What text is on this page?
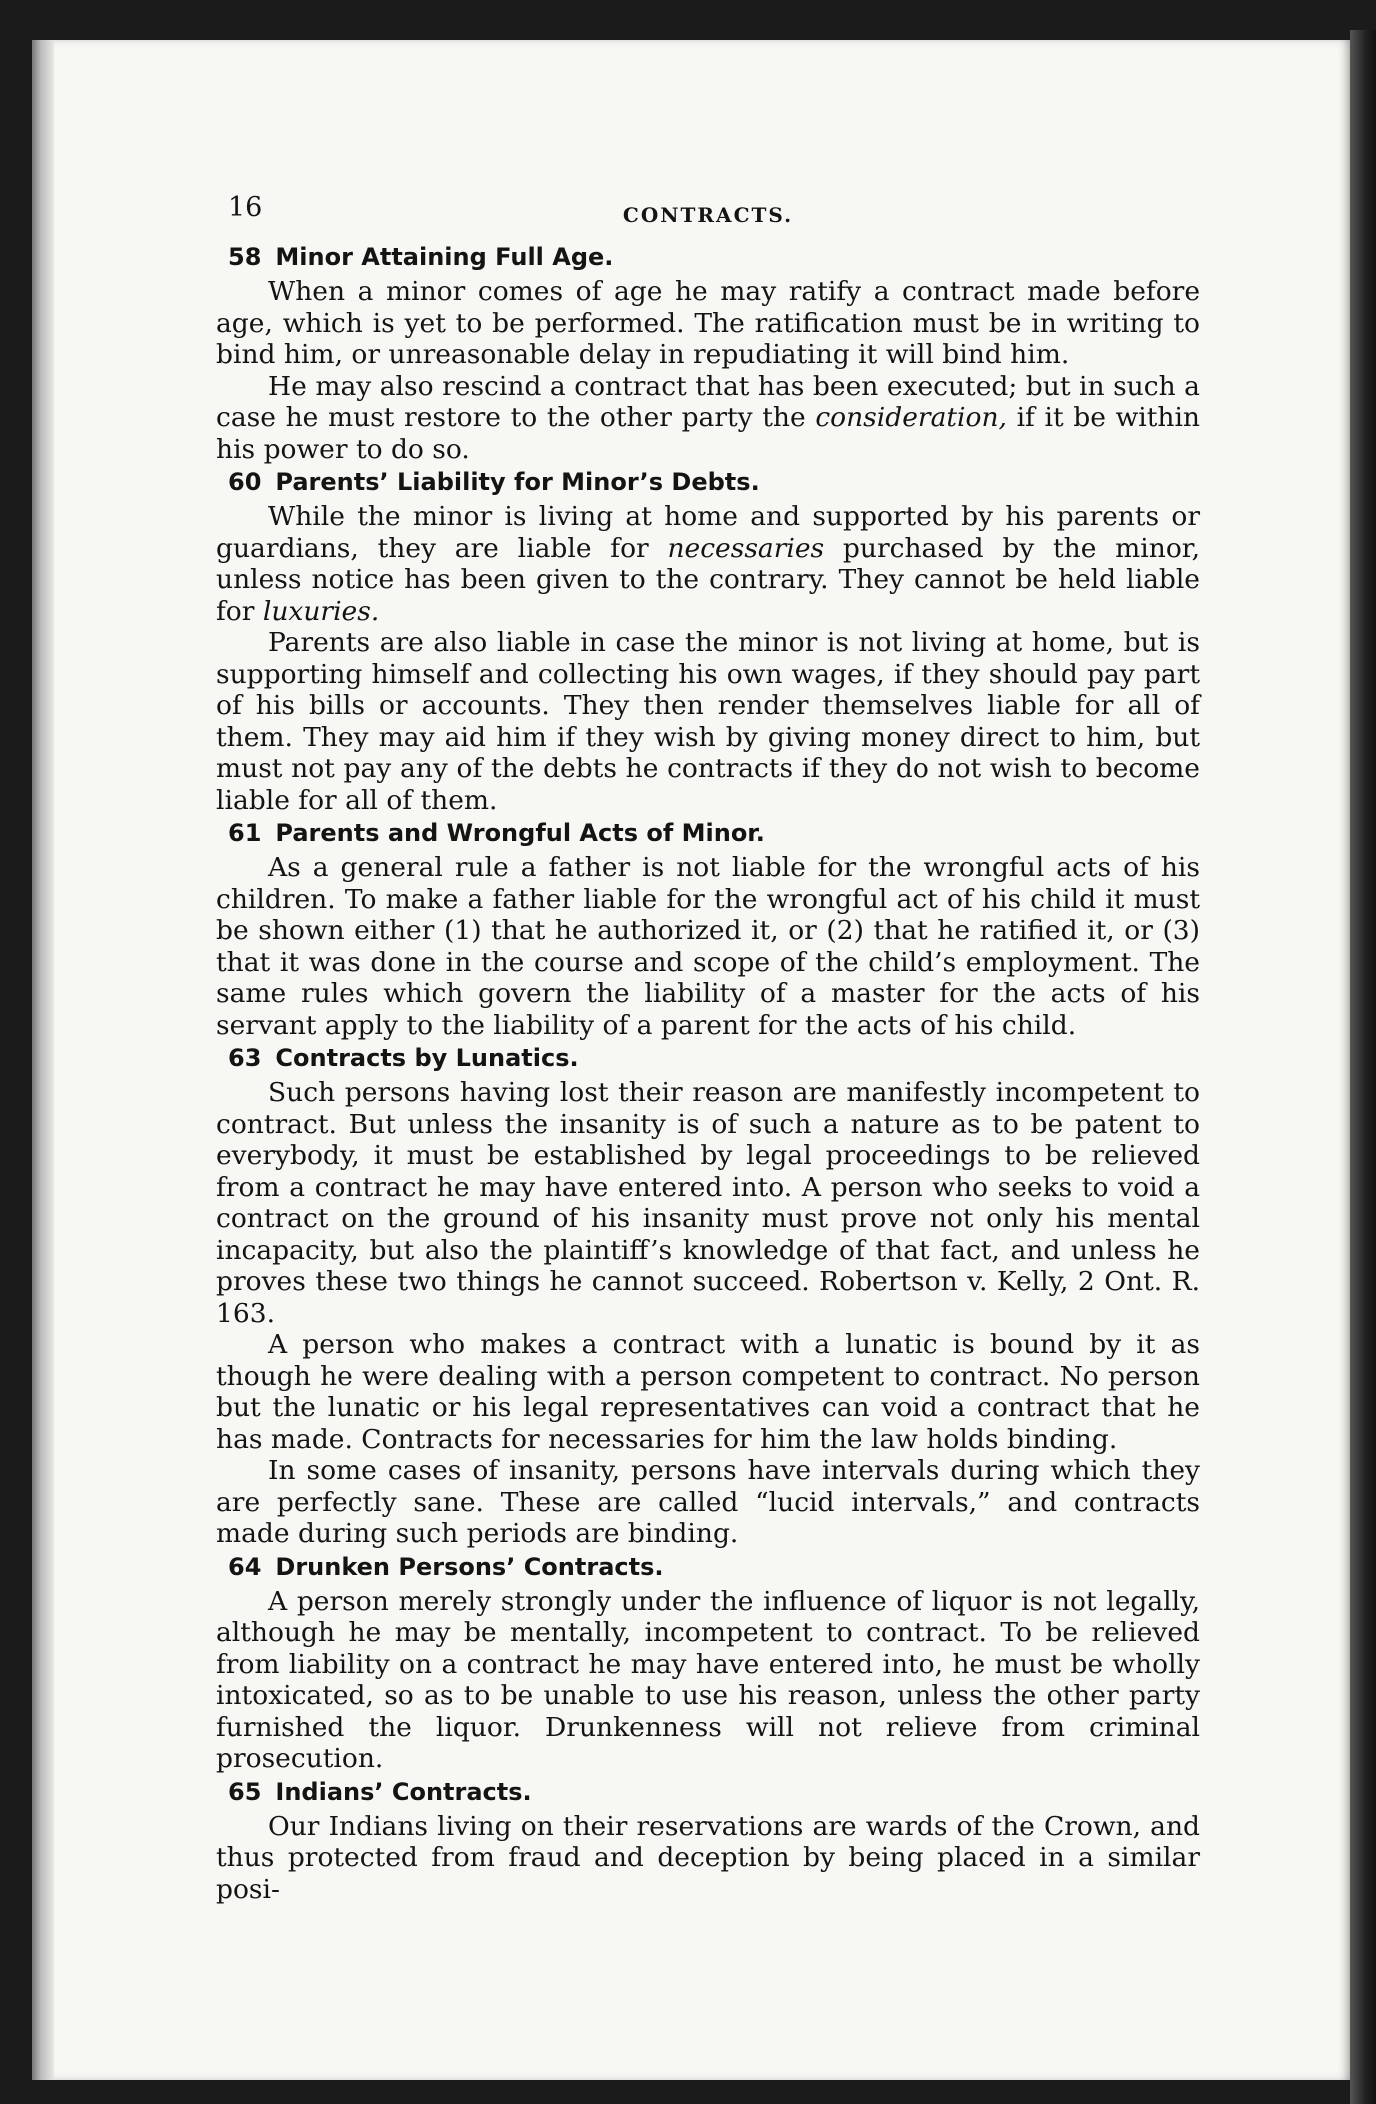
16	CONTRACTS.
58 Minor Attaining Full Age.

When a minor comes of age he may ratify a contract made before age, which is yet to be performed. The ratification must be in writing to bind him, or unreasonable delay in repudiating it will bind him.

He may also rescind a contract that has been executed; but in such a case he must restore to the other party the consideration, if it be within his power to do so.

60 Parents’ Liability for Minor’s Debts.

While the minor is living at home and supported by his parents or guardians, they are liable for necessaries purchased by the minor, unless notice has been given to the contrary. They cannot be held liable for luxuries.

Parents are also liable in case the minor is not living at home, but is supporting himself and collecting his own wages, if they should pay part of his bills or accounts. They then render themselves liable for all of them. They may aid him if they wish by giving money direct to him, but must not pay any of the debts he contracts if they do not wish to become liable for all of them.

61 Parents and Wrongful Acts of Minor.

As a general rule a father is not liable for the wrongful acts of his children. To make a father liable for the wrongful act of his child it must be shown either (1) that he authorized it, or (2) that he ratified it, or (3) that it was done in the course and scope of the child’s employment. The same rules which govern the liability of a master for the acts of his servant apply to the liability of a parent for the acts of his child.

63 Contracts by Lunatics.

Such persons having lost their reason are manifestly incompetent to contract. But unless the insanity is of such a nature as to be patent to everybody, it must be established by legal proceedings to be relieved from a contract he may have entered into. A person who seeks to void a contract on the ground of his insanity must prove not only his mental incapacity, but also the plaintiff’s knowledge of that fact, and unless he proves these two things he cannot succeed. Robertson v. Kelly, 2 Ont. R. 163.

A person who makes a contract with a lunatic is bound by it as though he were dealing with a person competent to contract. No person but the lunatic or his legal representatives can void a contract that he has made. Contracts for necessaries for him the law holds binding.

In some cases of insanity, persons have intervals during which they are perfectly sane. These are called “lucid intervals,” and contracts made during such periods are binding.

64 Drunken Persons’ Contracts.

A person merely strongly under the influence of liquor is not legally, although he may be mentally, incompetent to contract. To be relieved from liability on a contract he may have entered into, he must be wholly intoxicated, so as to be unable to use his reason, unless the other party furnished the liquor. Drunkenness will not relieve from criminal prosecution.

65 Indians’ Contracts.

Our Indians living on their reservations are wards of the Crown, and thus protected from fraud and deception by being placed in a similar posi-
